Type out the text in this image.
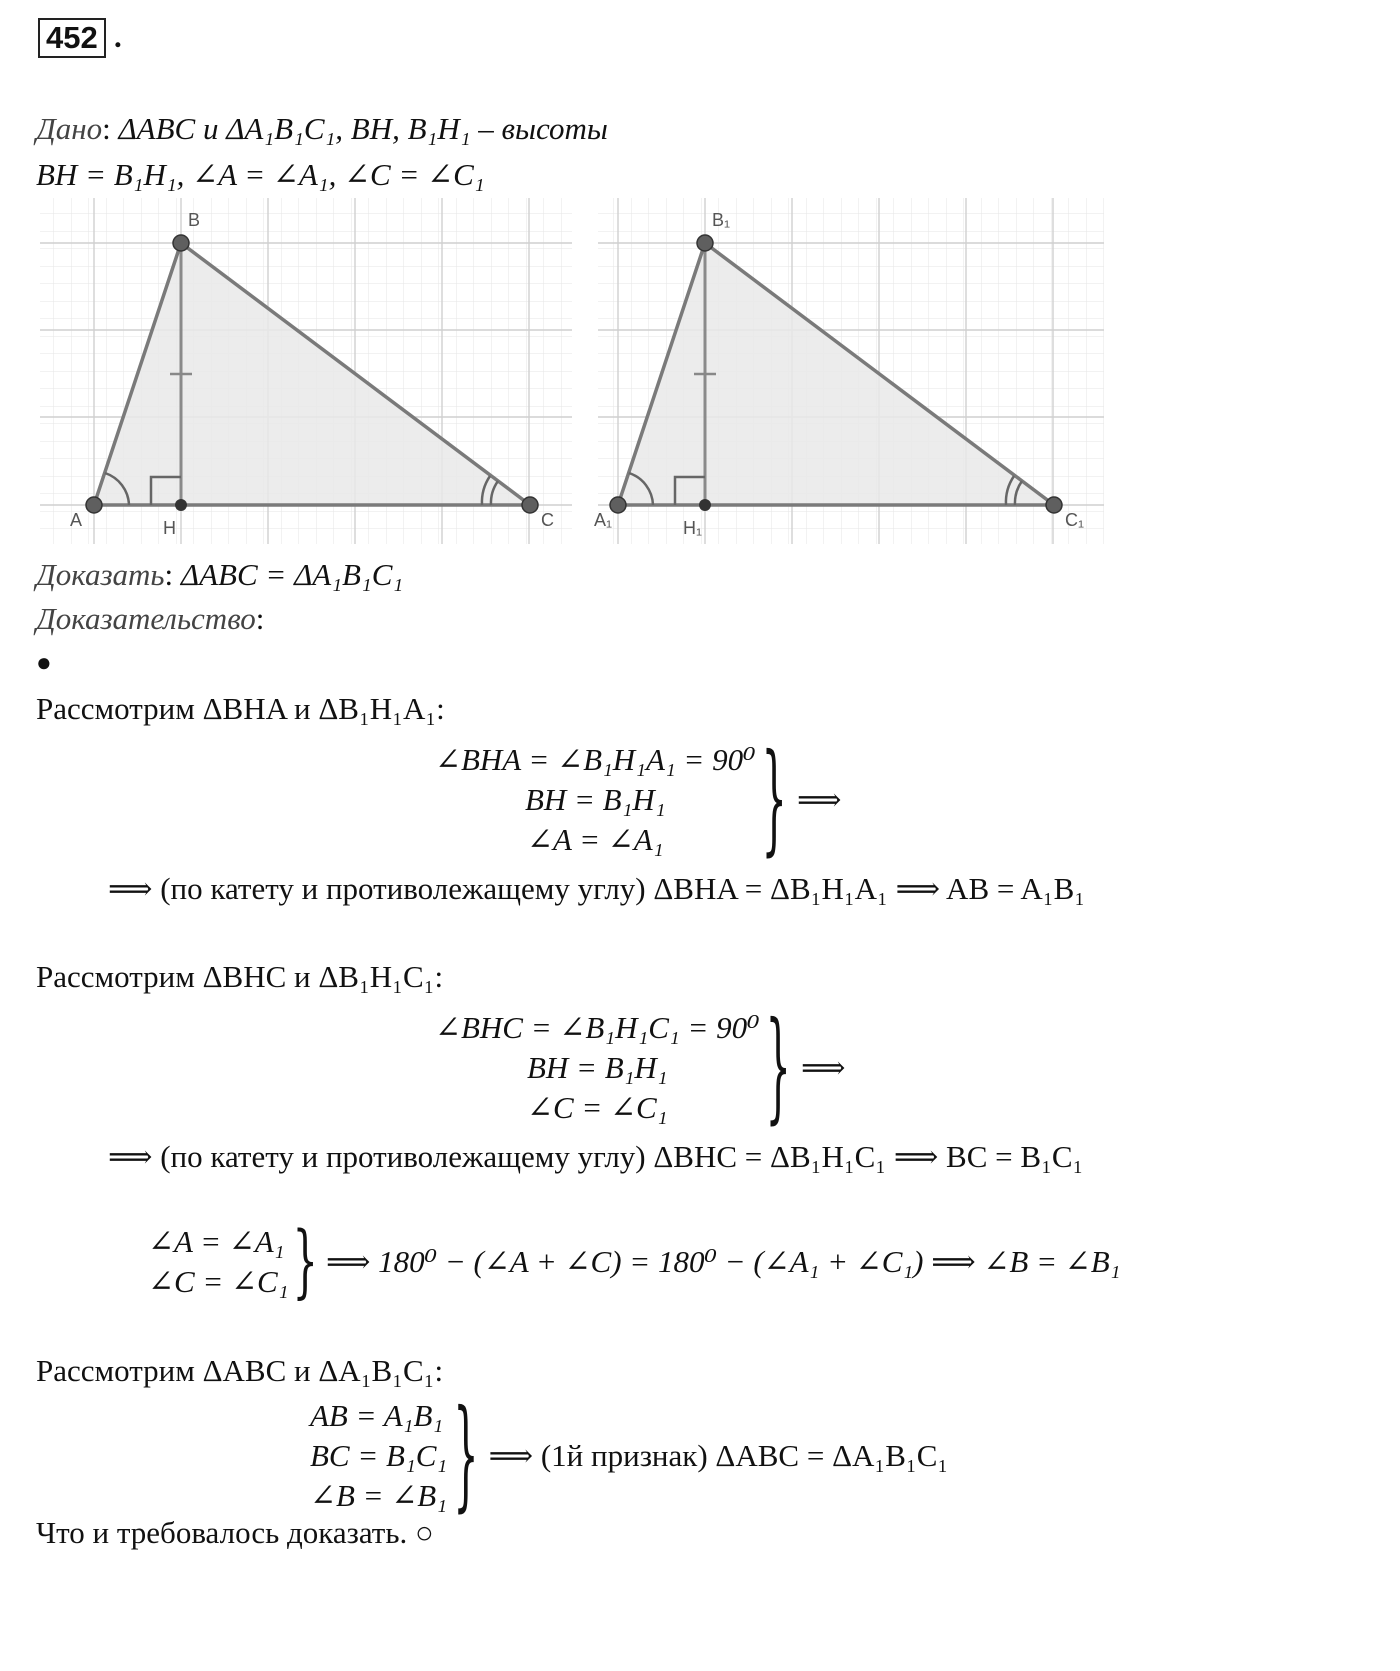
452 .
Дано: ΔABC и ΔA₁B₁C₁, BH, B₁H₁ – высоты
BH = B₁H₁, ∠A = ∠A₁, ∠C = ∠C₁
B
A	H	C
B₁
A₁	H₁	C₁
Доказать: ΔABC = ΔA₁B₁C₁
Доказательство:
●
Рассмотрим ΔBHA и ΔB₁H₁A₁:
∠BHA = ∠B₁H₁A₁ = 90⁰
BH = B₁H₁
∠A = ∠A₁	} ⟹
⟹ (по катету и противолежащему углу) ΔBHA = ΔB₁H₁A₁ ⟹ AB = A₁B₁
Рассмотрим ΔBHC и ΔB₁H₁C₁:
∠BHC = ∠B₁H₁C₁ = 90⁰
BH = B₁H₁
∠C = ∠C₁	} ⟹
⟹ (по катету и противолежащему углу) ΔBHC = ΔB₁H₁C₁ ⟹ BC = B₁C₁
∠A = ∠A₁
∠C = ∠C₁ } ⟹ 180⁰ − (∠A + ∠C) = 180⁰ − (∠A₁ + ∠C₁) ⟹ ∠B = ∠B₁
Рассмотрим ΔABC и ΔA₁B₁C₁:
AB = A₁B₁
BC = B₁C₁
∠B = ∠B₁ } ⟹ (1й признак) ΔABC = ΔA₁B₁C₁
Что и требовалось доказать. ○
